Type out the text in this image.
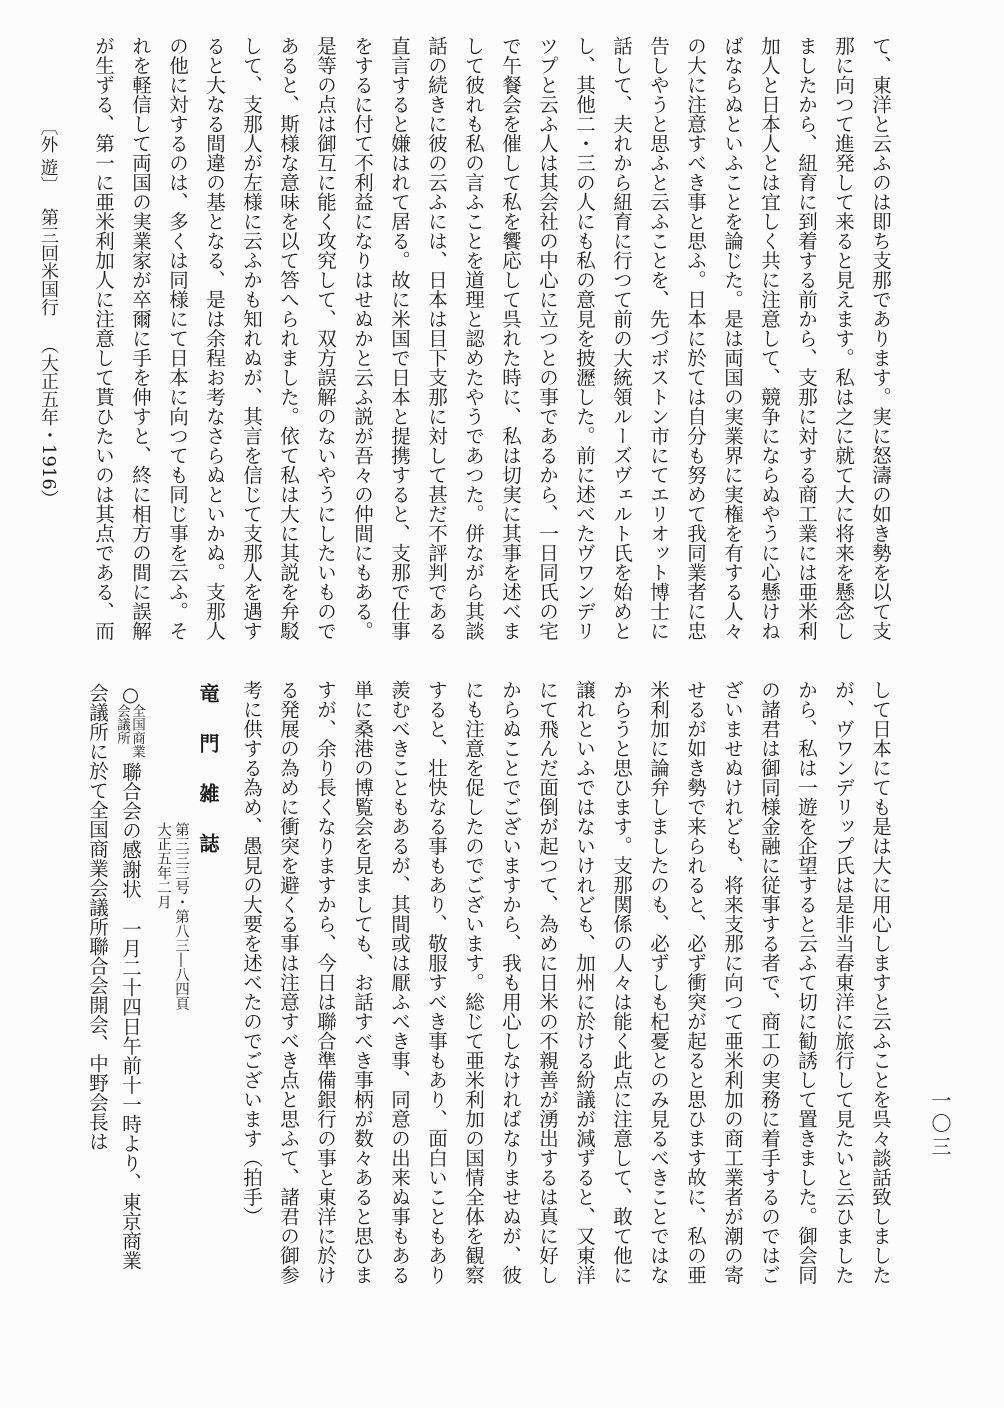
〔外 遊〕
第三回米国行
（大正五年・1916）
一〇三
て、東洋と云ふのは即ち支那であります。実に怒濤の如き勢を以て支
那に向つて進発して来ると見えます。私は之に就て大に将来を懸念し
ましたから、紐育に到着する前から、支那に対する商工業には亜米利
加人と日本人とは宜しく共に注意して、競争にならぬやうに心懸けね
ばならぬといふことを論じた。是は両国の実業界に実権を有する人々
の大に注意すべき事と思ふ。日本に於ては自分も努めて我同業者に忠
告しやうと思ふと云ふことを、先づボストン市にてエリオット博士に
話して、夫れから紐育に行つて前の大統領ルーズヴェルト氏を始めと
し、其他二・三の人にも私の意見を披瀝した。前に述べたヴワンデリ
ツプと云ふ人は其会社の中心に立つとの事であるから、一日同氏の宅
で午餐会を催して私を饗応して呉れた時に、私は切実に其事を述べま
して彼れも私の言ふことを道理と認めたやうであつた。併ながら其談
話の続きに彼の云ふには、日本は目下支那に対して甚だ不評判である
直言すると嫌はれて居る。故に米国で日本と提携すると、支那で仕事
をするに付て不利益になりはせぬかと云ふ説が吾々の仲間にもある。
是等の点は御互に能く攻究して、双方誤解のないやうにしたいもので
あると、斯様な意味を以て答へられました。依て私は大に其説を弁駁
して、支那人が左様に云ふかも知れぬが、其言を信じて支那人を遇す
ると大なる間違の基となる、是は余程お考なさらぬといかぬ。支那人
の他に対するのは、多くは同様にて日本に向つても同じ事を云ふ。そ
れを軽信して両国の実業家が卒爾に手を伸すと、終に相方の間に誤解
が生ずる、第一に亜米利加人に注意して貰ひたいのは其点である、而
して日本にても是は大に用心しますと云ふことを呉々談話致しました
が、ヴワンデリップ氏は是非当春東洋に旅行して見たいと云ひました
から、私は一遊を企望すると云ふて切に勧誘して置きました。御会同
の諸君は御同様金融に従事する者で、商工の実務に着手するのではご
ざいませぬけれども、将来支那に向つて亜米利加の商工業者が潮の寄
せるが如き勢で来られると、必ず衝突が起ると思ひます故に、私の亜
米利加に論弁しましたのも、必ずしも杞憂とのみ見るべきことではな
からうと思ひます。支那関係の人々は能く此点に注意して、敢て他に
譲れといふではないけれども、加州に於ける紛議が減ずると、又東洋
にて飛んだ面倒が起つて、為めに日米の不親善が湧出するは真に好し
からぬことでございますから、我も用心しなければなりませぬが、彼
にも注意を促したのでございます。総じて亜米利加の国情全体を観察
すると、壮快なる事もあり、敬服すべき事もあり、面白いこともあり
羨むべきこともあるが、其間或は厭ふべき事、同意の出来ぬ事もある
単に桑港の博覧会を見ましても、お話すべき事柄が数々あると思ひま
すが、余り長くなりますから、今日は聯合準備銀行の事と東洋に於け
る発展の為めに衝突を避くる事は注意すべき点と思ふて、諸君の御参
考に供する為め、愚見の大要を述べたのでございます（拍手）
竜門雑誌
第三三三号・第八三―八四頁
大正五年二月
○
全国商業
会議所
聯合会の感謝状一月二十四日午前十一時より、東京商業
会議所に於て全国商業会議所聯合会開会、中野会長は
